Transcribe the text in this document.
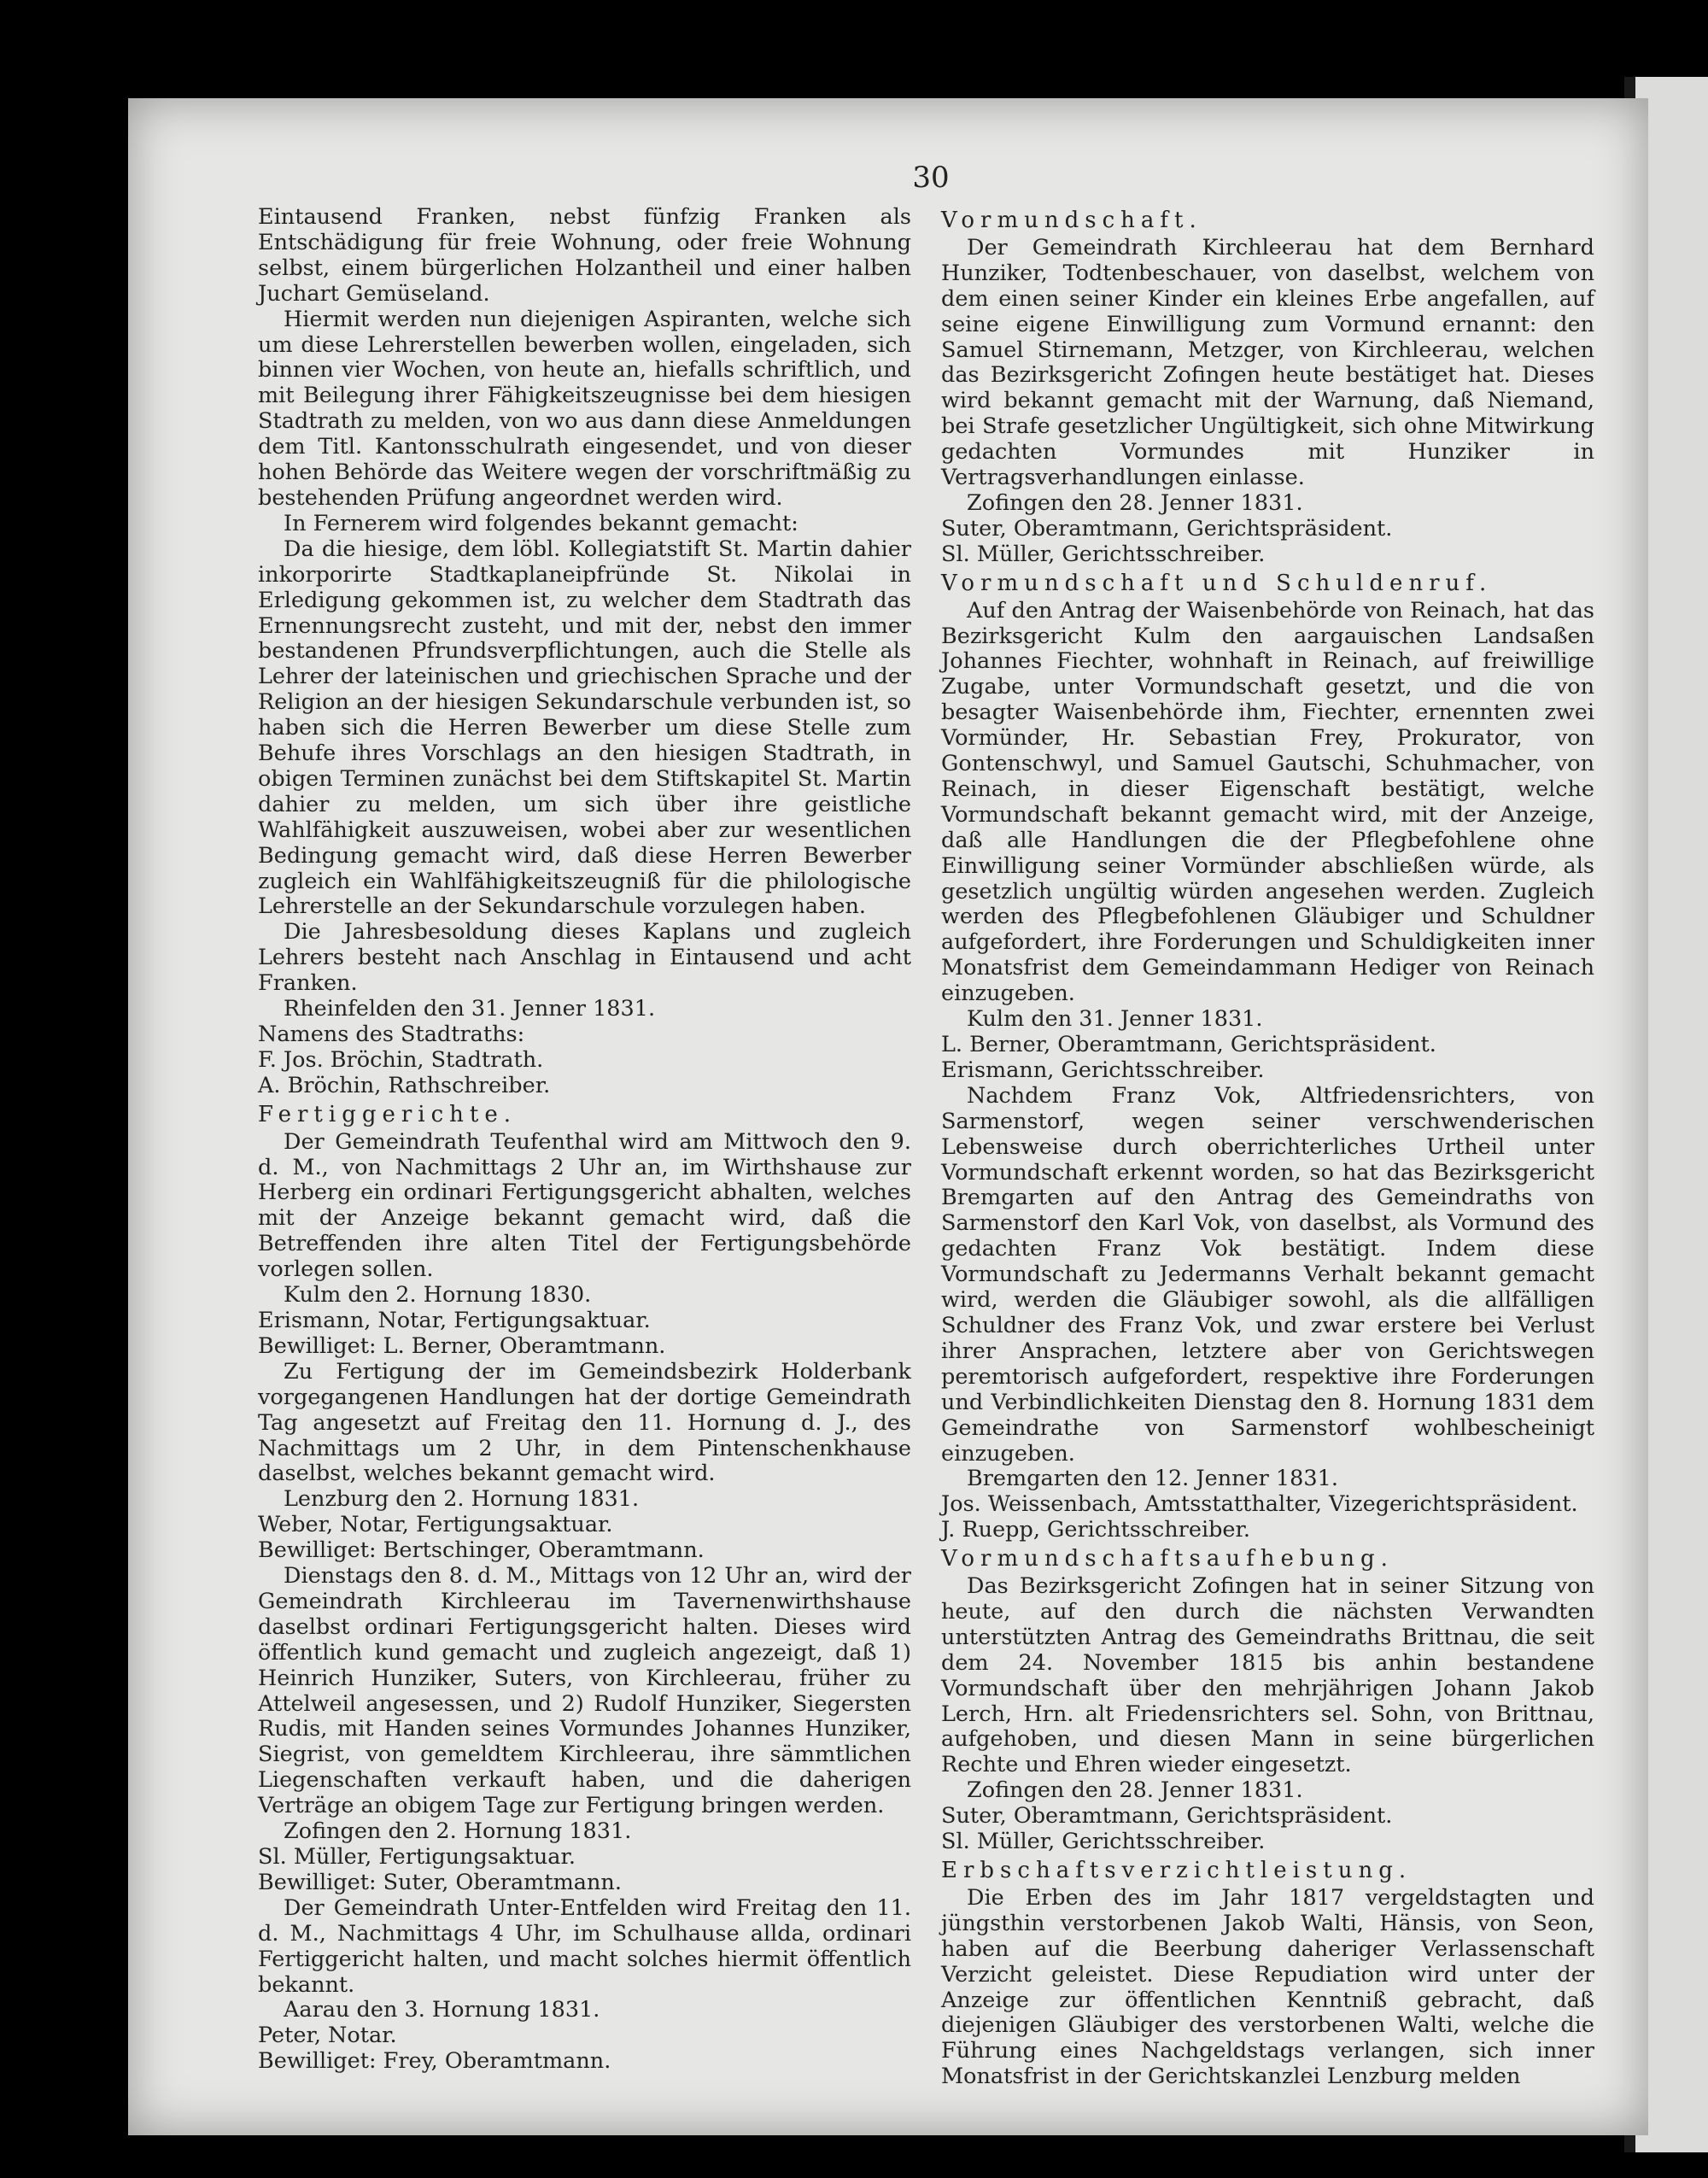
30

Eintausend Franken, nebst fünfzig Franken als Entschädigung für freie Wohnung, oder freie Wohnung selbst, einem bürgerlichen Holzantheil und einer halben Juchart Gemüseland.

Hiermit werden nun diejenigen Aspiranten, welche sich um diese Lehrerstellen bewerben wollen, eingeladen, sich binnen vier Wochen, von heute an, hiefalls schriftlich, und mit Beilegung ihrer Fähigkeitszeugnisse bei dem hiesigen Stadtrath zu melden, von wo aus dann diese Anmeldungen dem Titl. Kantonsschulrath eingesendet, und von dieser hohen Behörde das Weitere wegen der vorschriftmäßig zu bestehenden Prüfung angeordnet werden wird.

In Fernerem wird folgendes bekannt gemacht:

Da die hiesige, dem löbl. Kollegiatstift St. Martin dahier inkorporirte Stadtkaplaneipfründe St. Nikolai in Erledigung gekommen ist, zu welcher dem Stadtrath das Ernennungsrecht zusteht, und mit der, nebst den immer bestandenen Pfrundsverpflichtungen, auch die Stelle als Lehrer der lateinischen und griechischen Sprache und der Religion an der hiesigen Sekundarschule verbunden ist, so haben sich die Herren Bewerber um diese Stelle zum Behufe ihres Vorschlags an den hiesigen Stadtrath, in obigen Terminen zunächst bei dem Stiftskapitel St. Martin dahier zu melden, um sich über ihre geistliche Wahlfähigkeit auszuweisen, wobei aber zur wesentlichen Bedingung gemacht wird, daß diese Herren Bewerber zugleich ein Wahlfähigkeitszeugniß für die philologische Lehrerstelle an der Sekundarschule vorzulegen haben.

Die Jahresbesoldung dieses Kaplans und zugleich Lehrers besteht nach Anschlag in Eintausend und acht Franken.

Rheinfelden den 31. Jenner 1831.

Namens des Stadtraths:

F. Jos. Bröchin, Stadtrath.

A. Bröchin, Rathschreiber.

Fertiggerichte.

Der Gemeindrath Teufenthal wird am Mittwoch den 9. d. M., von Nachmittags 2 Uhr an, im Wirthshause zur Herberg ein ordinari Fertigungsgericht abhalten, welches mit der Anzeige bekannt gemacht wird, daß die Betreffenden ihre alten Titel der Fertigungsbehörde vorlegen sollen.

Kulm den 2. Hornung 1830.

Erismann, Notar, Fertigungsaktuar.

Bewilliget: L. Berner, Oberamtmann.

Zu Fertigung der im Gemeindsbezirk Holderbank vorgegangenen Handlungen hat der dortige Gemeindrath Tag angesetzt auf Freitag den 11. Hornung d. J., des Nachmittags um 2 Uhr, in dem Pintenschenkhause daselbst, welches bekannt gemacht wird.

Lenzburg den 2. Hornung 1831.

Weber, Notar, Fertigungsaktuar.

Bewilliget: Bertschinger, Oberamtmann.

Dienstags den 8. d. M., Mittags von 12 Uhr an, wird der Gemeindrath Kirchleerau im Tavernenwirthshause daselbst ordinari Fertigungsgericht halten. Dieses wird öffentlich kund gemacht und zugleich angezeigt, daß 1) Heinrich Hunziker, Suters, von Kirchleerau, früher zu Attelweil angesessen, und 2) Rudolf Hunziker, Siegersten Rudis, mit Handen seines Vormundes Johannes Hunziker, Siegrist, von gemeldtem Kirchleerau, ihre sämmtlichen Liegenschaften verkauft haben, und die daherigen Verträge an obigem Tage zur Fertigung bringen werden.

Zofingen den 2. Hornung 1831.

Sl. Müller, Fertigungsaktuar.

Bewilliget: Suter, Oberamtmann.

Der Gemeindrath Unter-Entfelden wird Freitag den 11. d. M., Nachmittags 4 Uhr, im Schulhause allda, ordinari Fertiggericht halten, und macht solches hiermit öffentlich bekannt.

Aarau den 3. Hornung 1831.

Peter, Notar.

Bewilliget: Frey, Oberamtmann.

Vormundschaft.

Der Gemeindrath Kirchleerau hat dem Bernhard Hunziker, Todtenbeschauer, von daselbst, welchem von dem einen seiner Kinder ein kleines Erbe angefallen, auf seine eigene Einwilligung zum Vormund ernannt: den Samuel Stirnemann, Metzger, von Kirchleerau, welchen das Bezirksgericht Zofingen heute bestätiget hat. Dieses wird bekannt gemacht mit der Warnung, daß Niemand, bei Strafe gesetzlicher Ungültigkeit, sich ohne Mitwirkung gedachten Vormundes mit Hunziker in Vertragsverhandlungen einlasse.

Zofingen den 28. Jenner 1831.

Suter, Oberamtmann, Gerichtspräsident.

Sl. Müller, Gerichtsschreiber.

Vormundschaft und Schuldenruf.

Auf den Antrag der Waisenbehörde von Reinach, hat das Bezirksgericht Kulm den aargauischen Landsaßen Johannes Fiechter, wohnhaft in Reinach, auf freiwillige Zugabe, unter Vormundschaft gesetzt, und die von besagter Waisenbehörde ihm, Fiechter, ernennten zwei Vormünder, Hr. Sebastian Frey, Prokurator, von Gontenschwyl, und Samuel Gautschi, Schuhmacher, von Reinach, in dieser Eigenschaft bestätigt, welche Vormundschaft bekannt gemacht wird, mit der Anzeige, daß alle Handlungen die der Pflegbefohlene ohne Einwilligung seiner Vormünder abschließen würde, als gesetzlich ungültig würden angesehen werden. Zugleich werden des Pflegbefohlenen Gläubiger und Schuldner aufgefordert, ihre Forderungen und Schuldigkeiten inner Monatsfrist dem Gemeindammann Hediger von Reinach einzugeben.

Kulm den 31. Jenner 1831.

L. Berner, Oberamtmann, Gerichtspräsident.

Erismann, Gerichtsschreiber.

Nachdem Franz Vok, Altfriedensrichters, von Sarmenstorf, wegen seiner verschwenderischen Lebensweise durch oberrichterliches Urtheil unter Vormundschaft erkennt worden, so hat das Bezirksgericht Bremgarten auf den Antrag des Gemeindraths von Sarmenstorf den Karl Vok, von daselbst, als Vormund des gedachten Franz Vok bestätigt. Indem diese Vormundschaft zu Jedermanns Verhalt bekannt gemacht wird, werden die Gläubiger sowohl, als die allfälligen Schuldner des Franz Vok, und zwar erstere bei Verlust ihrer Ansprachen, letztere aber von Gerichtswegen peremtorisch aufgefordert, respektive ihre Forderungen und Verbindlichkeiten Dienstag den 8. Hornung 1831 dem Gemeindrathe von Sarmenstorf wohlbescheinigt einzugeben.

Bremgarten den 12. Jenner 1831.

Jos. Weissenbach, Amtsstatthalter, Vizegerichtspräsident.

J. Ruepp, Gerichtsschreiber.

Vormundschaftsaufhebung.

Das Bezirksgericht Zofingen hat in seiner Sitzung von heute, auf den durch die nächsten Verwandten unterstützten Antrag des Gemeindraths Brittnau, die seit dem 24. November 1815 bis anhin bestandene Vormundschaft über den mehrjährigen Johann Jakob Lerch, Hrn. alt Friedensrichters sel. Sohn, von Brittnau, aufgehoben, und diesen Mann in seine bürgerlichen Rechte und Ehren wieder eingesetzt.

Zofingen den 28. Jenner 1831.

Suter, Oberamtmann, Gerichtspräsident.

Sl. Müller, Gerichtsschreiber.

Erbschaftsverzichtleistung.

Die Erben des im Jahr 1817 vergeldstagten und jüngsthin verstorbenen Jakob Walti, Hänsis, von Seon, haben auf die Beerbung daheriger Verlassenschaft Verzicht geleistet. Diese Repudiation wird unter der Anzeige zur öffentlichen Kenntniß gebracht, daß diejenigen Gläubiger des verstorbenen Walti, welche die Führung eines Nachgeldstags verlangen, sich inner Monatsfrist in der Gerichtskanzlei Lenzburg melden
